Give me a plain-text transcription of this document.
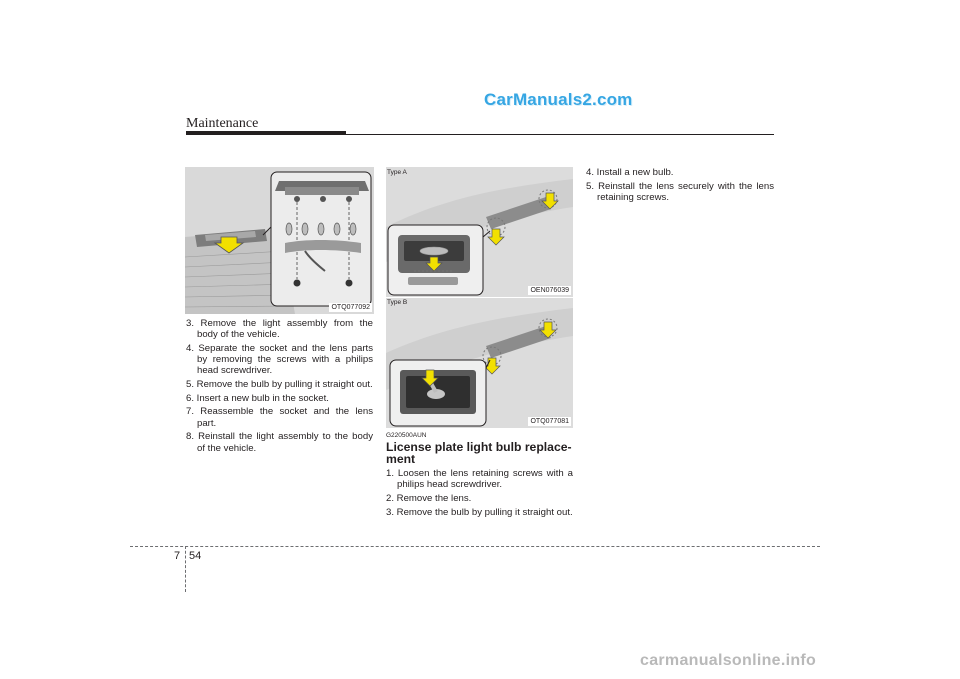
CarManuals2.com
Maintenance
OTQ077092
3. Remove the light assembly from the body of the vehicle.
4. Separate the socket and the lens parts by removing the screws with a philips head screwdriver.
5. Remove the bulb by pulling it straight out.
6. Insert a new bulb in the socket.
7. Reassemble the socket and the lens part.
8. Reinstall the light assembly to the body of the vehicle.
OEN076039
Type A
OTQ077081
Type B
G220500AUN
License plate light bulb replace-ment
1. Loosen the lens retaining screws with a philips head screwdriver.
2. Remove the lens.
3. Remove the bulb by pulling it straight out.
4. Install a new bulb.
5. Reinstall the lens securely with the lens retaining screws.
7 54
carmanualsonline.info
